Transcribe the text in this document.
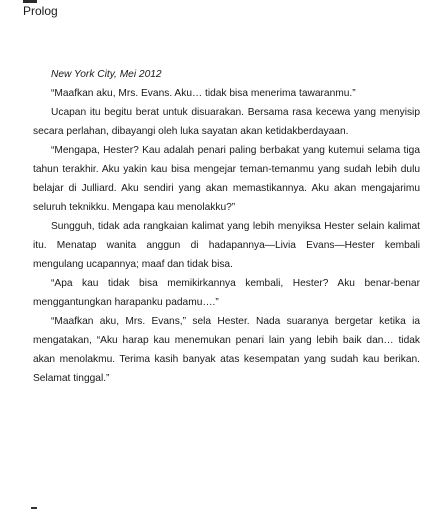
Prolog

New York City, Mei 2012

“Maafkan aku, Mrs. Evans. Aku… tidak bisa menerima tawaranmu.”

Ucapan itu begitu berat untuk disuarakan. Bersama rasa kecewa yang menyisip secara perlahan, dibayangi oleh luka sayatan akan ketidakberdayaan.

“Mengapa, Hester? Kau adalah penari paling berbakat yang kutemui selama tiga tahun terakhir. Aku yakin kau bisa mengejar teman-temanmu yang sudah lebih dulu belajar di Julliard. Aku sendiri yang akan memastikannya. Aku akan mengajarimu seluruh teknikku. Mengapa kau menolakku?”

Sungguh, tidak ada rangkaian kalimat yang lebih menyiksa Hester selain kalimat itu. Menatap wanita anggun di hadapannya—Livia Evans—Hester kembali mengulang ucapannya; maaf dan tidak bisa.

“Apa kau tidak bisa memikirkannya kembali, Hester? Aku benar-benar menggantungkan harapanku padamu….”

“Maafkan aku, Mrs. Evans,” sela Hester. Nada suaranya bergetar ketika ia mengatakan, “Aku harap kau menemukan penari lain yang lebih baik dan… tidak akan menolakmu. Terima kasih banyak atas kesempatan yang sudah kau berikan. Selamat tinggal.”
